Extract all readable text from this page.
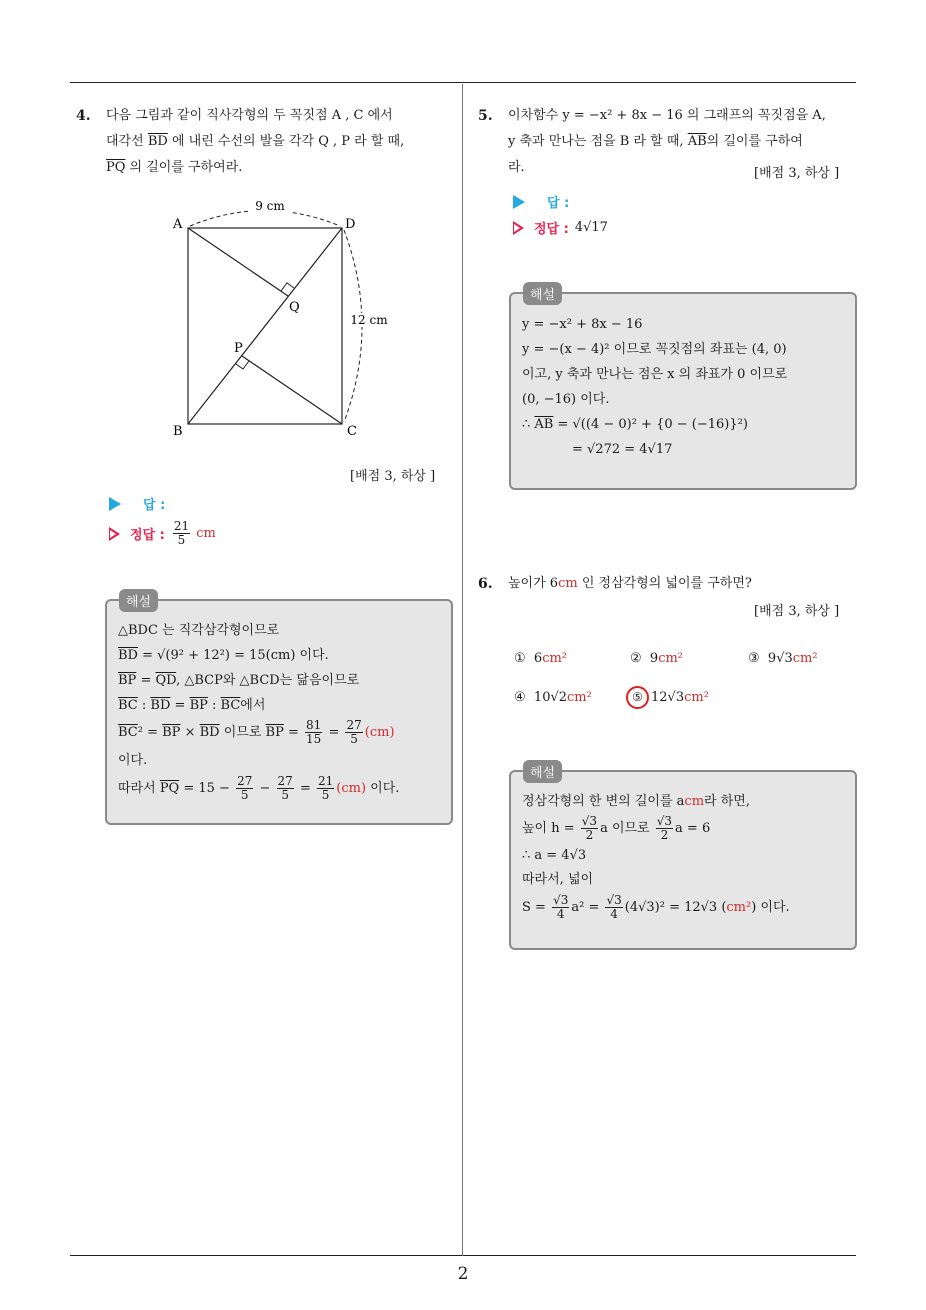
2
4. 다음 그림과 같이 직사각형의 두 꼭짓점 A , C 에서
대각선 $\overline{BD}$ 에 내린 수선의 발을 각각 Q , P 라 할 때,
$\overline{PQ}$ 의 길이를 구하여라.
9 cm
12 cm
A	D
B	C
Q
P
[배점 3, 하상 ]
답 :
정답 : $\frac{21}{5}$ cm
해설
△BDC 는 직각삼각형이므로
$\overline{BD} = √(9^2 + 12^2) = 15(cm)$ 이다.
$\overline{BP} = \overline{QD}$, △BCP와 △BCD는 닮음이므로
$\overline{BC}$ : $\overline{BD} = \overline{BP}$ : $\overline{BC}$에서
$\overline{BC}^2 = \overline{BP} \times \overline{BD}$ 이므로 $\overline{BP} = \frac{81}{15} = \frac{27}{5} (cm)$
이다.
따라서 $\overline{PQ} = 15 - \frac{27}{5} - \frac{27}{5} = \frac{21}{5} (cm)$ 이다.
5. 이차함수 y = −x² + 8x − 16 의 그래프의 꼭짓점을 A,
y 축과 만나는 점을 B 라 할 때, $\overline{AB}$의 길이를 구하여
라.	[배점 3, 하상 ]
답 :
정답 : 4√17
해설
y = −x² + 8x − 16
y = −(x − 4)² 이므로 꼭짓점의 좌표는 (4, 0)
이고, y 축과 만나는 점은 x 의 좌표가 0 이므로
(0, −16) 이다.
∴ $\overline{AB} = √((4 - 0)^2 + \{0 - (-16)\}^2)$
= √272 = 4√17
6. 높이가 6cm 인 정삼각형의 넓이를 구하면?
[배점 3, 하상 ]
① 6cm²	② 9cm²	③ 9√3cm²
④ 10√2cm²	⑤ 12√3cm²
해설
정삼각형의 한 변의 길이를 acm라 하면,
높이 $h = \frac{√3}{2}$ a 이므로 $\frac{√3}{2}$ a = 6
∴ a = 4√3
따라서, 넓이
$S = \frac{√3}{4} a^2 = \frac{√3}{4} (4√3)^2 = 12√3$ (cm²) 이다.
